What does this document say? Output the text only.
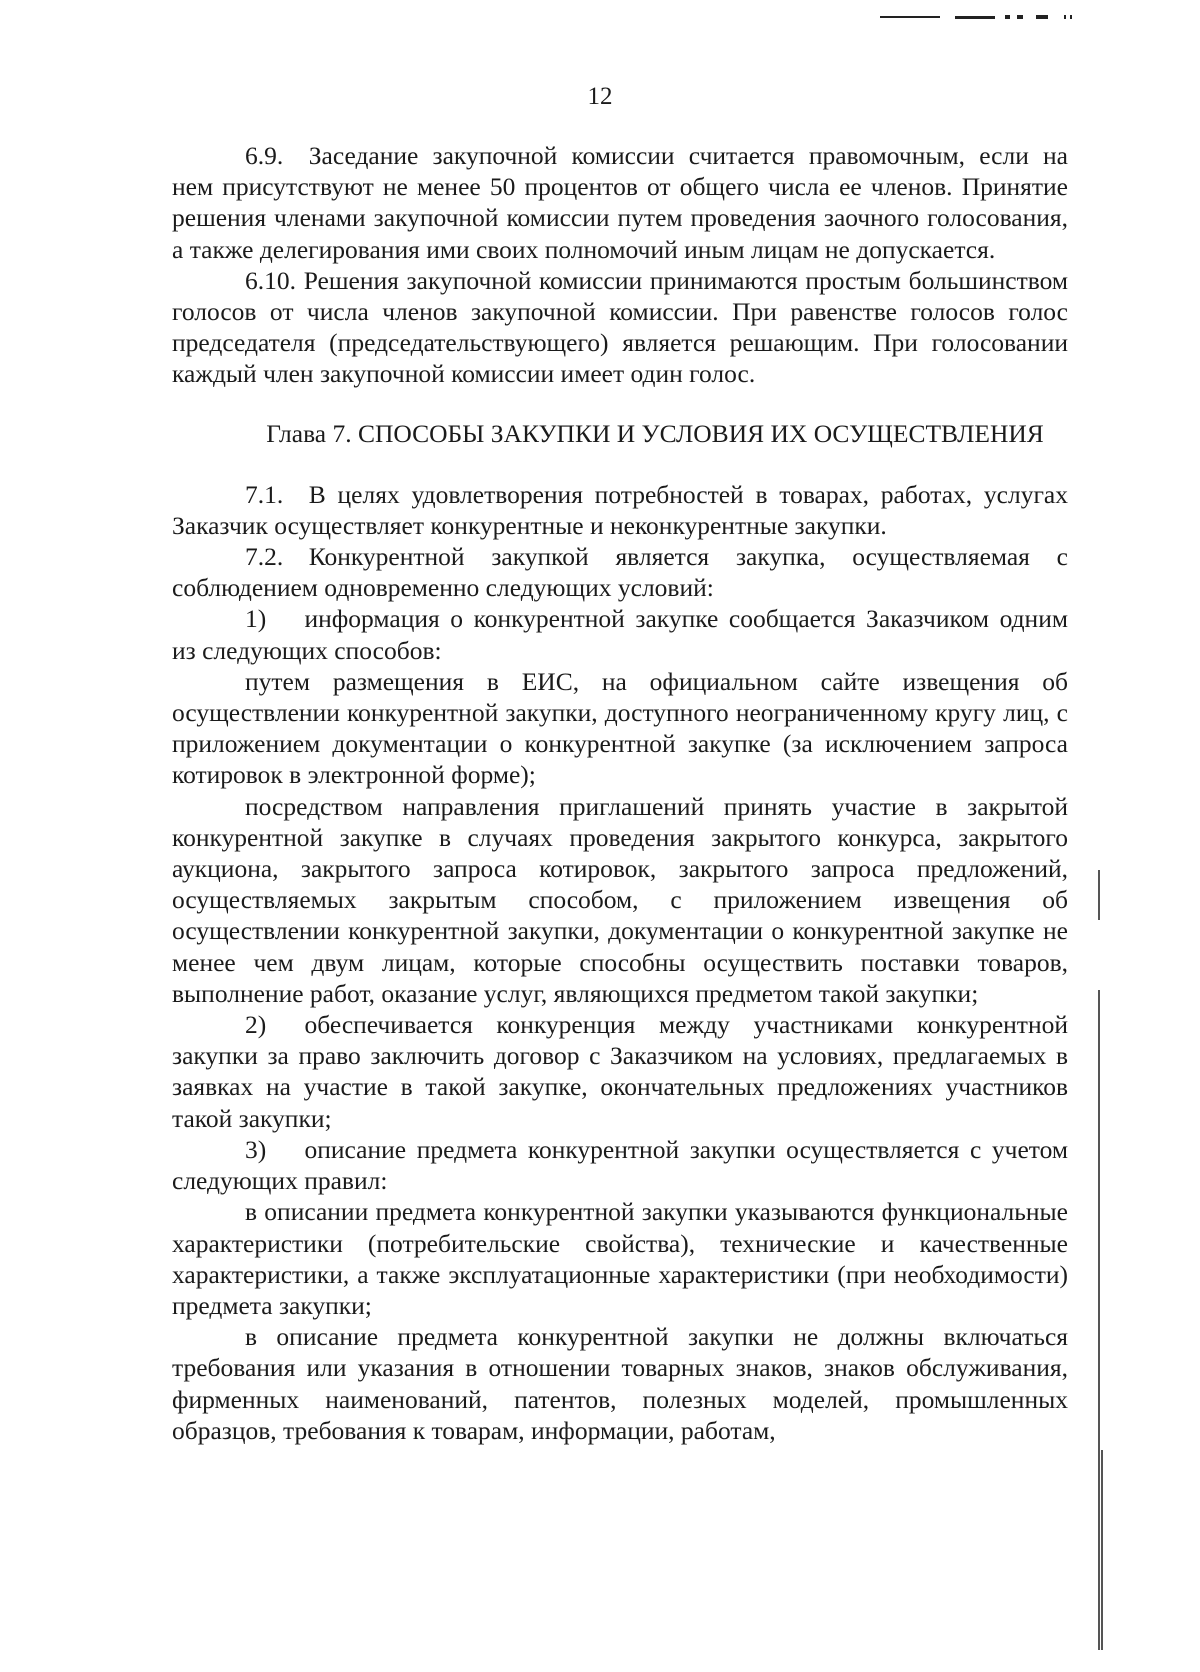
12

6.9. Заседание закупочной комиссии считается правомочным, если на нем присутствуют не менее 50 процентов от общего числа ее членов. Принятие решения членами закупочной комиссии путем проведения заочного голосования, а также делегирования ими своих полномочий иным лицам не допускается.

6.10. Решения закупочной комиссии принимаются простым большинством голосов от числа членов закупочной комиссии. При равенстве голосов голос председателя (председательствующего) является решающим. При голосовании каждый член закупочной комиссии имеет один голос.

Глава 7. СПОСОБЫ ЗАКУПКИ И УСЛОВИЯ ИХ ОСУЩЕСТВЛЕНИЯ

7.1. В целях удовлетворения потребностей в товарах, работах, услугах Заказчик осуществляет конкурентные и неконкурентные закупки.

7.2. Конкурентной закупкой является закупка, осуществляемая с соблюдением одновременно следующих условий:

1)  информация о конкурентной закупке сообщается Заказчиком одним из следующих способов:

путем размещения в ЕИС, на официальном сайте извещения об осуществлении конкурентной закупки, доступного неограниченному кругу лиц, с приложением документации о конкурентной закупке (за исключением запроса котировок в электронной форме);

посредством направления приглашений принять участие в закрытой конкурентной закупке в случаях проведения закрытого конкурса, закрытого аукциона, закрытого запроса котировок, закрытого запроса предложений, осуществляемых закрытым способом, с приложением извещения об осуществлении конкурентной закупки, документации о конкурентной закупке не менее чем двум лицам, которые способны осуществить поставки товаров, выполнение работ, оказание услуг, являющихся предметом такой закупки;

2)  обеспечивается конкуренция между участниками конкурентной закупки за право заключить договор с Заказчиком на условиях, предлагаемых в заявках на участие в такой закупке, окончательных предложениях участников такой закупки;

3)  описание предмета конкурентной закупки осуществляется с учетом следующих правил:

в описании предмета конкурентной закупки указываются функциональные характеристики (потребительские свойства), технические и качественные характеристики, а также эксплуатационные характеристики (при необходимости) предмета закупки;

в описание предмета конкурентной закупки не должны включаться требования или указания в отношении товарных знаков, знаков обслуживания, фирменных наименований, патентов, полезных моделей, промышленных образцов, требования к товарам, информации, работам,
